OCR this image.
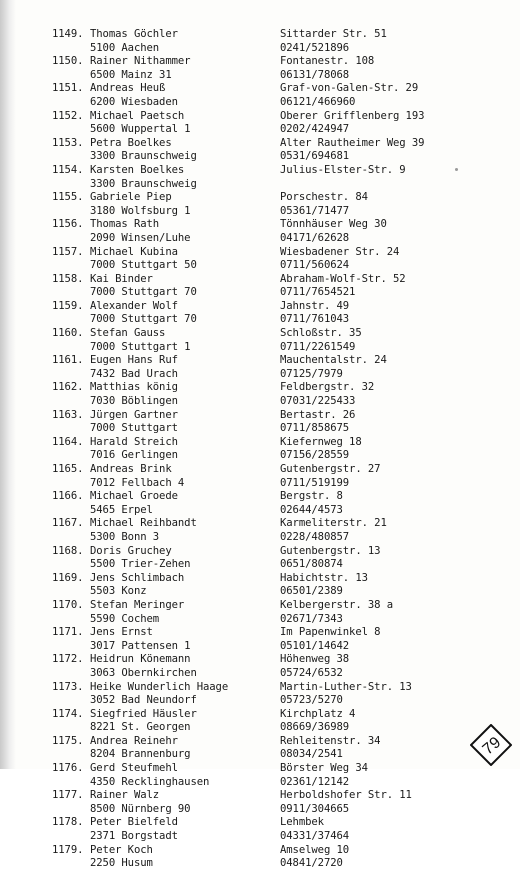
1149. Thomas Göchler
5100 Aachen
Sittarder Str. 51
0241/521896
1150. Rainer Nithammer
6500 Mainz 31
Fontanestr. 108
06131/78068
1151. Andreas Heuß
6200 Wiesbaden
Graf-von-Galen-Str. 29
06121/466960
1152. Michael Paetsch
5600 Wuppertal 1
Oberer Grifflenberg 193
0202/424947
1153. Petra Boelkes
3300 Braunschweig
Alter Rautheimer Weg 39
0531/694681
1154. Karsten Boelkes
3300 Braunschweig
Julius-Elster-Str. 9
1155. Gabriele Piep
3180 Wolfsburg 1
Porschestr. 84
05361/71477
1156. Thomas Rath
2090 Winsen/Luhe
Tönnhäuser Weg 30
04171/62628
1157. Michael Kubina
7000 Stuttgart 50
Wiesbadener Str. 24
0711/560624
1158. Kai Binder
7000 Stuttgart 70
Abraham-Wolf-Str. 52
0711/7654521
1159. Alexander Wolf
7000 Stuttgart 70
Jahnstr. 49
0711/761043
1160. Stefan Gauss
7000 Stuttgart 1
Schloßstr. 35
0711/2261549
1161. Eugen Hans Ruf
7432 Bad Urach
Mauchentalstr. 24
07125/7979
1162. Matthias könig
7030 Böblingen
Feldbergstr. 32
07031/225433
1163. Jürgen Gartner
7000 Stuttgart
Bertastr. 26
0711/858675
1164. Harald Streich
7016 Gerlingen
Kiefernweg 18
07156/28559
1165. Andreas Brink
7012 Fellbach 4
Gutenbergstr. 27
0711/519199
1166. Michael Groede
5465 Erpel
Bergstr. 8
02644/4573
1167. Michael Reihbandt
5300 Bonn 3
Karmeliterstr. 21
0228/480857
1168. Doris Gruchey
5500 Trier-Zehen
Gutenbergstr. 13
0651/80874
1169. Jens Schlimbach
5503 Konz
Habichtstr. 13
06501/2389
1170. Stefan Meringer
5590 Cochem
Kelbergerstr. 38 a
02671/7343
1171. Jens Ernst
3017 Pattensen 1
Im Papenwinkel 8
05101/14642
1172. Heidrun Könemann
3063 Obernkirchen
Höhenweg 38
05724/6532
1173. Heike Wunderlich Haage
3052 Bad Neundorf
Martin-Luther-Str. 13
05723/5270
1174. Siegfried Häusler
8221 St. Georgen
Kirchplatz 4
08669/36989
1175. Andrea Reinehr
8204 Brannenburg
Rehleitenstr. 34
08034/2541
1176. Gerd Steufmehl
4350 Recklinghausen
Börster Weg 34
02361/12142
1177. Rainer Walz
8500 Nürnberg 90
Herboldshofer Str. 11
0911/304665
1178. Peter Bielfeld
2371 Borgstadt
Lehmbek
04331/37464
1179. Peter Koch
2250 Husum
Amselweg 10
04841/2720
79
